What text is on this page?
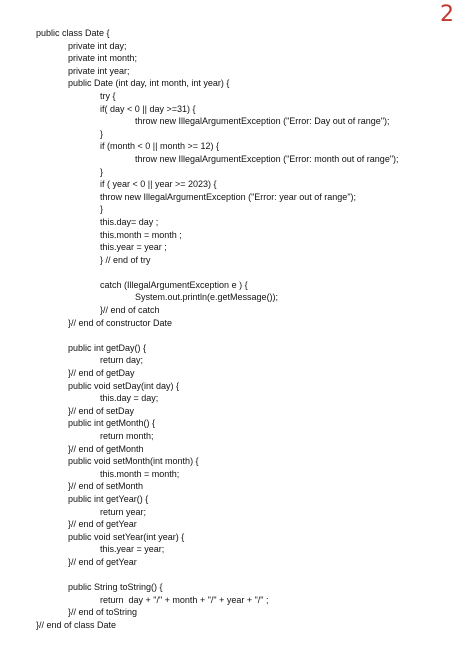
2
public class Date {
private int day;
private int month;
private int year;
public Date (int day, int month, int year) {
try {
if( day < 0 || day >=31) {
throw new IllegalArgumentException ("Error: Day out of range");
}
if (month < 0 || month >= 12) {
throw new IllegalArgumentException ("Error: month out of range");
}
if ( year < 0 || year >= 2023) {
throw new IllegalArgumentException ("Error: year out of range");
}
this.day= day ;
this.month = month ;
this.year = year ;
} // end of try
catch (IllegalArgumentException e ) {
System.out.println(e.getMessage());
}// end of catch
}// end of constructor Date
public int getDay() {
return day;
}// end of getDay
public void setDay(int day) {
this.day = day;
}// end of setDay
public int getMonth() {
return month;
}// end of getMonth
public void setMonth(int month) {
this.month = month;
}// end of setMonth
public int getYear() {
return year;
}// end of getYear
public void setYear(int year) {
this.year = year;
}// end of getYear
public String toString() {
return  day + "/" + month + "/" + year + "/" ;
}// end of toString
}// end of class Date
